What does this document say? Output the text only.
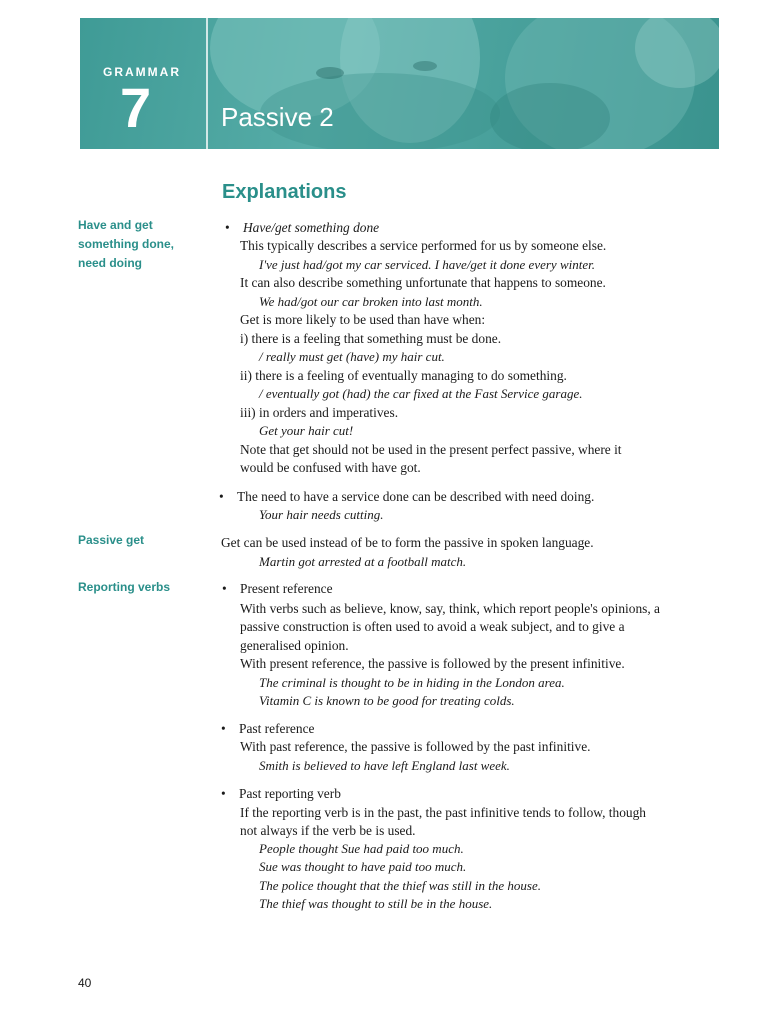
GRAMMAR
7	Passive 2
Explanations
Have and get
something done,
need doing
Passive get
Reporting verbs
• Have/get something done
This typically describes a service performed for us by someone else.
I've just had/got my car serviced. I have/get it done every winter.
It can also describe something unfortunate that happens to someone.
We had/got our car broken into last month.
Get is more likely to be used than have when:
i) there is a feeling that something must be done.
/ really must get (have) my hair cut.
ii) there is a feeling of eventually managing to do something.
/ eventually got (had) the car fixed at the Fast Service garage.
iii) in orders and imperatives.
Get your hair cut!
Note that get should not be used in the present perfect passive, where it
would be confused with have got.
• The need to have a service done can be described with need doing.
Your hair needs cutting.
Get can be used instead of be to form the passive in spoken language.
Martin got arrested at a football match.
• Present reference
With verbs such as believe, know, say, think, which report people's opinions, a
passive construction is often used to avoid a weak subject, and to give a
generalised opinion.
With present reference, the passive is followed by the present infinitive.
The criminal is thought to be in hiding in the London area.
Vitamin C is known to be good for treating colds.
• Past reference
With past reference, the passive is followed by the past infinitive.
Smith is believed to have left England last week.
• Past reporting verb
If the reporting verb is in the past, the past infinitive tends to follow, though
not always if the verb be is used.
People thought Sue had paid too much.
Sue was thought to have paid too much.
The police thought that the thief was still in the house.
The thief was thought to still be in the house.
40
